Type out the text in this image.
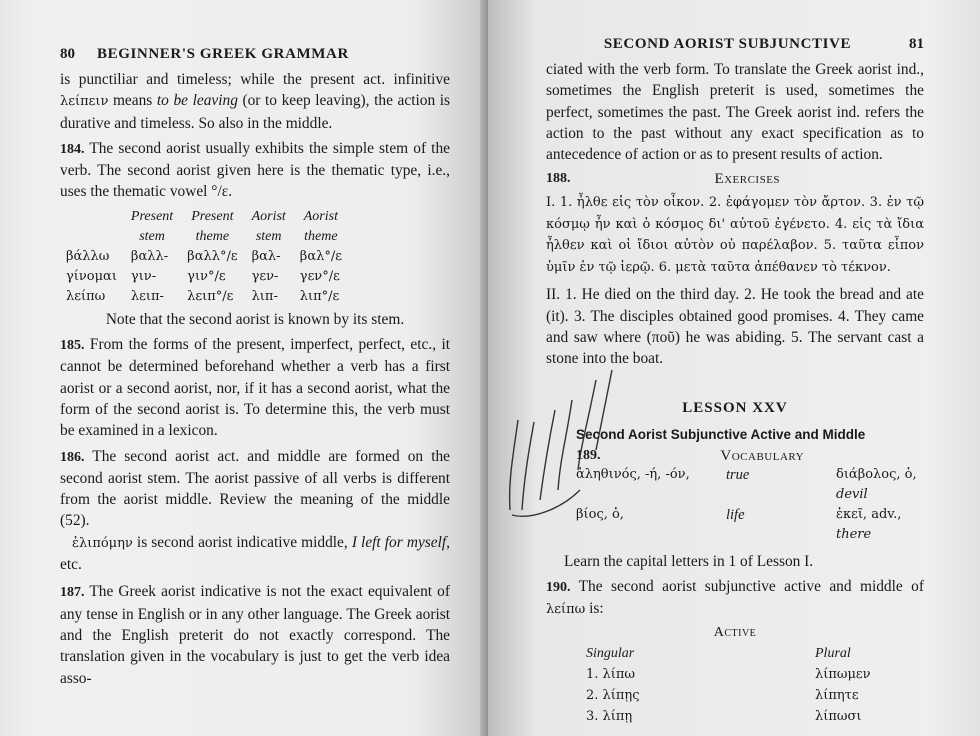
80 BEGINNER'S GREEK GRAMMAR

is punctiliar and timeless; while the present act. infinitive λείπειν means to be leaving (or to keep leaving), the action is durative and timeless. So also in the middle.

184. The second aorist usually exhibits the simple stem of the verb. The second aorist given here is the thematic type, i.e., uses the thematic vowel °/ε.

	Present	Present	Aorist	Aorist
	stem	theme	stem	theme
βάλλω	βαλλ-	βαλλ°/ε	βαλ-	βαλ°/ε
γίνομαι	γιν-	γιν°/ε	γεν-	γεν°/ε
λείπω	λειπ-	λειπ°/ε	λιπ-	λιπ°/ε

Note that the second aorist is known by its stem.

185. From the forms of the present, imperfect, perfect, etc., it cannot be determined beforehand whether a verb has a first aorist or a second aorist, nor, if it has a second aorist, what the form of the second aorist is. To determine this, the verb must be examined in a lexicon.

186. The second aorist act. and middle are formed on the second aorist stem. The aorist passive of all verbs is different from the aorist middle. Review the meaning of the middle (52).

ἐλιπόμην is second aorist indicative middle, I left for myself, etc.

187. The Greek aorist indicative is not the exact equivalent of any tense in English or in any other language. The Greek aorist and the English preterit do not exactly correspond. The translation given in the vocabulary is just to get the verb idea asso-

SECOND AORIST SUBJUNCTIVE	81

ciated with the verb form. To translate the Greek aorist ind., sometimes the English preterit is used, sometimes the perfect, sometimes the past. The Greek aorist ind. refers the action to the past without any exact specification as to antecedence of action or as to present results of action.

188.	Exercises

I. 1. ἦλθε εἰς τὸν οἶκον. 2. ἐφάγομεν τὸν ἄρτον. 3. ἐν τῷ κόσμῳ ἦν καὶ ὁ κόσμος δι' αὐτοῦ ἐγένετο. 4. εἰς τὰ ἴδια ἦλθεν καὶ οἱ ἴδιοι αὐτὸν οὐ παρέλαβον. 5. ταῦτα εἶπον ὑμῖν ἐν τῷ ἱερῷ. 6. μετὰ ταῦτα ἀπέθανεν τὸ τέκνον.

II. 1. He died on the third day. 2. He took the bread and ate (it). 3. The disciples obtained good promises. 4. They came and saw where (ποῦ) he was abiding. 5. The servant cast a stone into the boat.

LESSON XXV
Second Aorist Subjunctive Active and Middle
189.	Vocabulary
ἀληθινός, -ή, -όν,	true	διάβολος, ὁ, devil
βίος, ὁ,	life	ἐκεῖ, adv., there

Learn the capital letters in 1 of Lesson I.

190. The second aorist subjunctive active and middle of λείπω is:

Active
Singular	Plural
1. λίπω	λίπωμεν
2. λίπῃς	λίπητε
3. λίπῃ	λίπωσι
